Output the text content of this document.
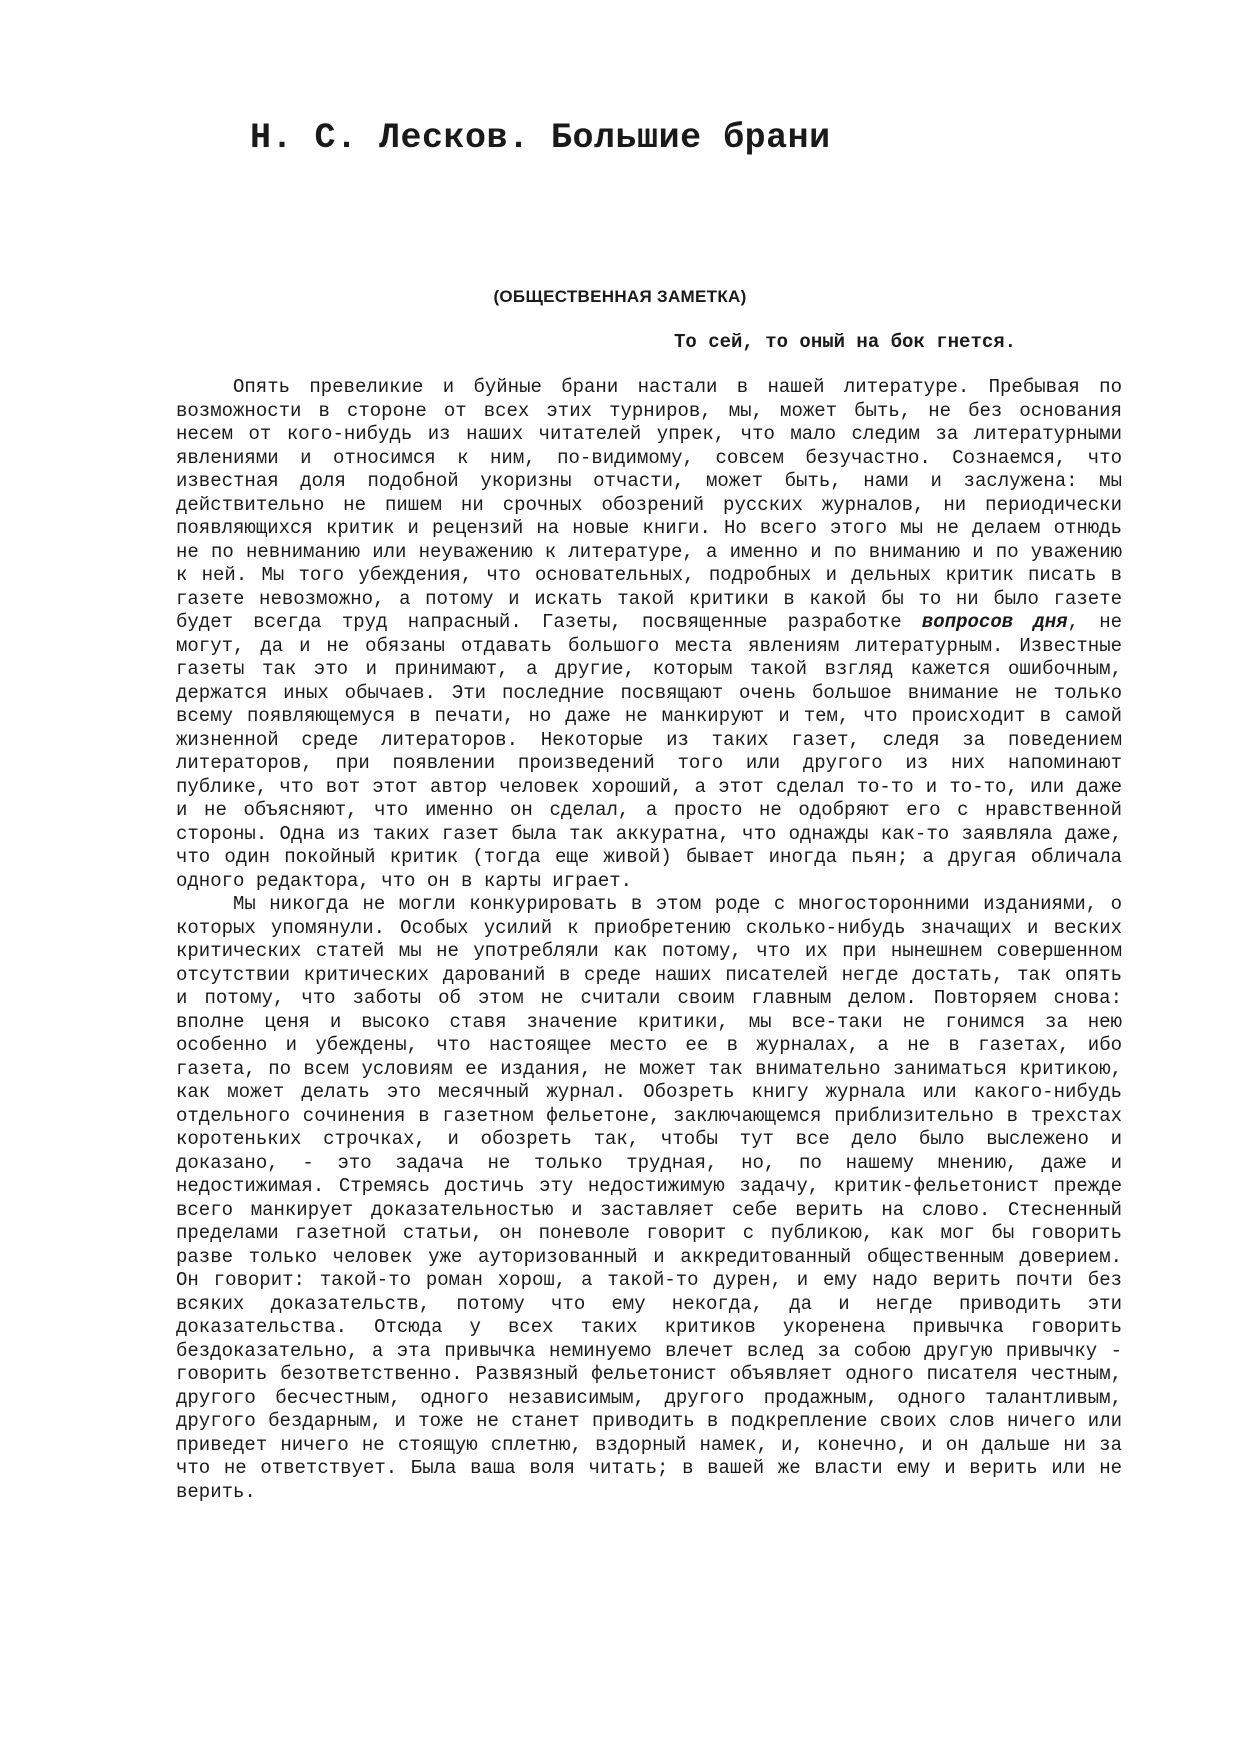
Н. С. Лесков. Большие брани
(ОБЩЕСТВЕННАЯ ЗАМЕТКА)
То сей, то оный на бок гнется.

Опять превеликие и буйные брани настали в нашей литературе. Пребывая по возможности в стороне от всех этих турниров, мы, может быть, не без основания несем от кого-нибудь из наших читателей упрек, что мало следим за литературными явлениями и относимся к ним, по-видимому, совсем безучастно. Сознаемся, что известная доля подобной укоризны отчасти, может быть, нами и заслужена: мы действительно не пишем ни срочных обозрений русских журналов, ни периодически появляющихся критик и рецензий на новые книги. Но всего этого мы не делаем отнюдь не по невниманию или неуважению к литературе, а именно и по вниманию и по уважению к ней. Мы того убеждения, что основательных, подробных и дельных критик писать в газете невозможно, а потому и искать такой критики в какой бы то ни было газете будет всегда труд напрасный. Газеты, посвященные разработке вопросов дня, не могут, да и не обязаны отдавать большого места явлениям литературным. Известные газеты так это и принимают, а другие, которым такой взгляд кажется ошибочным, держатся иных обычаев. Эти последние посвящают очень большое внимание не только всему появляющемуся в печати, но даже не манкируют и тем, что происходит в самой жизненной среде литераторов. Некоторые из таких газет, следя за поведением литераторов, при появлении произведений того или другого из них напоминают публике, что вот этот автор человек хороший, а этот сделал то-то и то-то, или даже и не объясняют, что именно он сделал, а просто не одобряют его с нравственной стороны. Одна из таких газет была так аккуратна, что однажды как-то заявляла даже, что один покойный критик (тогда еще живой) бывает иногда пьян; а другая обличала одного редактора, что он в карты играет.

Мы никогда не могли конкурировать в этом роде с многосторонними изданиями, о которых упомянули. Особых усилий к приобретению сколько-нибудь значащих и веских критических статей мы не употребляли как потому, что их при нынешнем совершенном отсутствии критических дарований в среде наших писателей негде достать, так опять и потому, что заботы об этом не считали своим главным делом. Повторяем снова: вполне ценя и высоко ставя значение критики, мы все-таки не гонимся за нею особенно и убеждены, что настоящее место ее в журналах, а не в газетах, ибо газета, по всем условиям ее издания, не может так внимательно заниматься критикою, как может делать это месячный журнал. Обозреть книгу журнала или какого-нибудь отдельного сочинения в газетном фельетоне, заключающемся приблизительно в трехстах коротеньких строчках, и обозреть так, чтобы тут все дело было выслежено и доказано, - это задача не только трудная, но, по нашему мнению, даже и недостижимая. Стремясь достичь эту недостижимую задачу, критик-фельетонист прежде всего манкирует доказательностью и заставляет себе верить на слово. Стесненный пределами газетной статьи, он поневоле говорит с публикою, как мог бы говорить разве только человек уже ауторизованный и аккредитованный общественным доверием. Он говорит: такой-то роман хорош, а такой-то дурен, и ему надо верить почти без всяких доказательств, потому что ему некогда, да и негде приводить эти доказательства. Отсюда у всех таких критиков укоренена привычка говорить бездоказательно, а эта привычка неминуемо влечет вслед за собою другую привычку - говорить безответственно. Развязный фельетонист объявляет одного писателя честным, другого бесчестным, одного независимым, другого продажным, одного талантливым, другого бездарным, и тоже не станет приводить в подкрепление своих слов ничего или приведет ничего не стоящую сплетню, вздорный намек, и, конечно, и он дальше ни за что не ответствует. Была ваша воля читать; в вашей же власти ему и верить или не верить.
